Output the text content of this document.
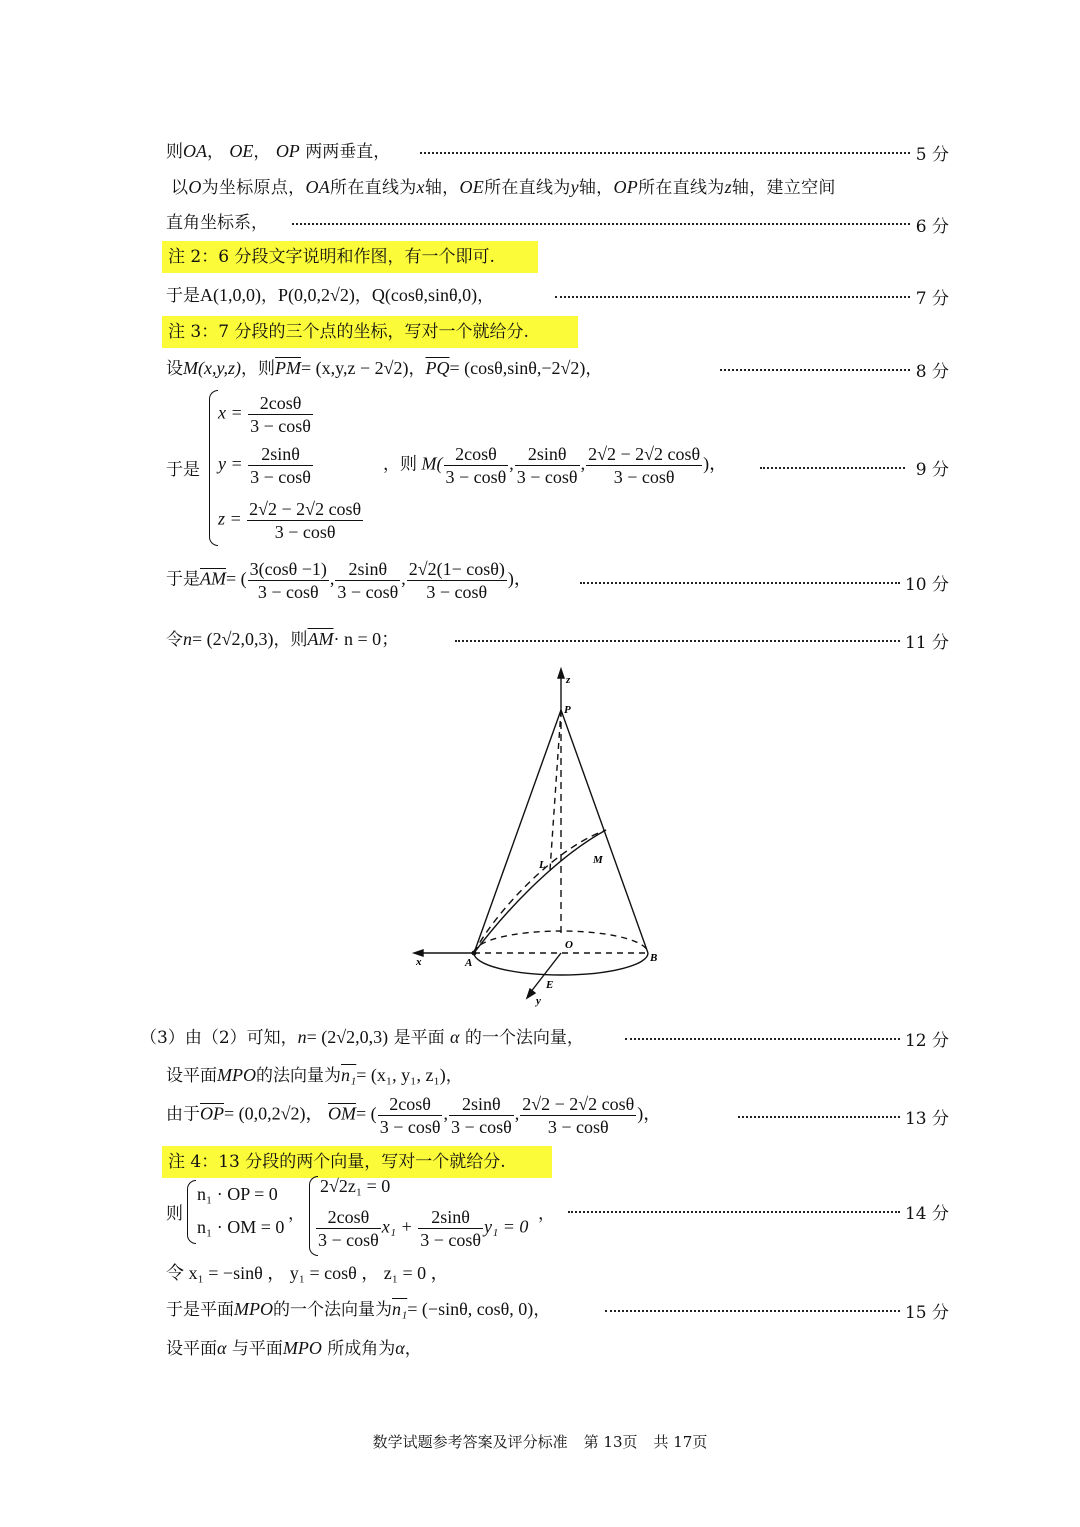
则OA， OE， OP 两两垂直，	5 分
以O为坐标原点，OA所在直线为x轴，OE所在直线为y轴，OP所在直线为z轴，建立空间
直角坐标系，	6 分
注 2：6 分段文字说明和作图，有一个即可.
于是A(1,0,0)，P(0,0,2√2)，Q(cosθ,sinθ,0)，	7 分
注 3：7 分段的三个点的坐标，写对一个就给分.
设M(x,y,z)，则$\overline{PM}= (x,y,z - 2√2)$，$\overline{PQ}= (\cos\theta,\sin\theta,-2√2)$，	8 分
于是
$x = \frac{2\cos\theta}{3 - \cos\theta}$
$y = \frac{2\sin\theta}{3 - \cos\theta}$
$z = \frac{2√2 - 2√2 \cos\theta}{3 - \cos\theta}$
，则 $M( \frac{2\cos\theta}{3 - \cos\theta}$ , $\frac{2\sin\theta}{3 - \cos\theta}$ , $\frac{2√2 - 2√2 \cos\theta}{3 - \cos\theta}$ )，	9 分
于是$\overline{AM}=$ ( $\frac{3(\cos\theta -1)}{3 - \cos\theta}$ , $\frac{2\sin\theta}{3 - \cos\theta}$ , $\frac{2√2(1- \cos\theta)}{3 - \cos\theta}$ )，	10 分
令n= (2√2,0,3)，则$\overline{AM}\cdot n = 0$；	11 分
z
P
L	M
O
x	A	B
E
y
（3）由（2）可知，n= (2√2,0,3) 是平面 α 的一个法向量，	12 分
设平面MPO的法向量为n₁= (x₁, y₁, z₁)，
由于$\overline{OP}= (0,0,2√2)$， $\overline{OM}=$ ( $\frac{2\cos\theta}{3 - \cos\theta}$ , $\frac{2\sin\theta}{3 - \cos\theta}$ , $\frac{2√2 - 2√2 \cos\theta}{3 - \cos\theta}$ )，	13 分
注 4：13 分段的两个向量，写对一个就给分.
则
n₁ · OP = 0
n₁ · OM = 0
，
2√2z₁ = 0
$\frac{2\cos\theta}{3 - \cos\theta} x_1 + \frac{2\sin\theta}{3 - \cos\theta} y_1 = 0$
，	14 分
令 x₁ = −sinθ ， y₁ = cosθ ， z₁ = 0 ，
于是平面MPO的一个法向量为n₁= (−sinθ, cosθ, 0)，	15 分
设平面α 与平面MPO 所成角为α，
数学试题参考答案及评分标准 第 13页 共 17页
